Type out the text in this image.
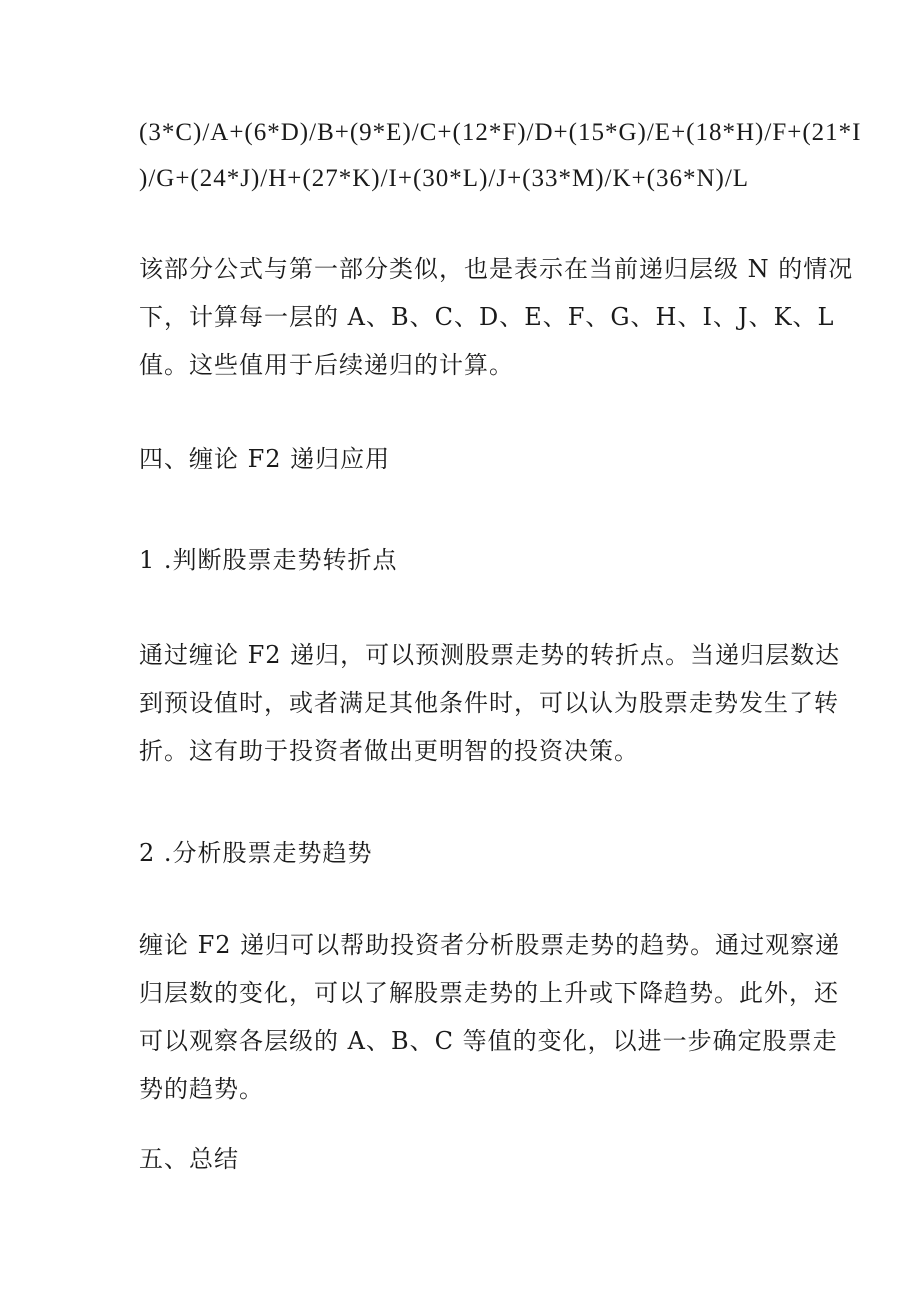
(3*C)/A+(6*D)/B+(9*E)/C+(12*F)/D+(15*G)/E+(18*H)/F+(21*I
)/G+(24*J)/H+(27*K)/I+(30*L)/J+(33*M)/K+(36*N)/L
该部分公式与第一部分类似，也是表示在当前递归层级 N 的情况
下，计算每一层的 A、B、C、D、E、F、G、H、I、J、K、L
值。这些值用于后续递归的计算。
四、缠论 F2 递归应用
1 .判断股票走势转折点
通过缠论 F2 递归，可以预测股票走势的转折点。当递归层数达
到预设值时，或者满足其他条件时，可以认为股票走势发生了转
折。这有助于投资者做出更明智的投资决策。
2 .分析股票走势趋势
缠论 F2 递归可以帮助投资者分析股票走势的趋势。通过观察递
归层数的变化，可以了解股票走势的上升或下降趋势。此外，还
可以观察各层级的 A、B、C 等值的变化，以进一步确定股票走
势的趋势。
五、总结
